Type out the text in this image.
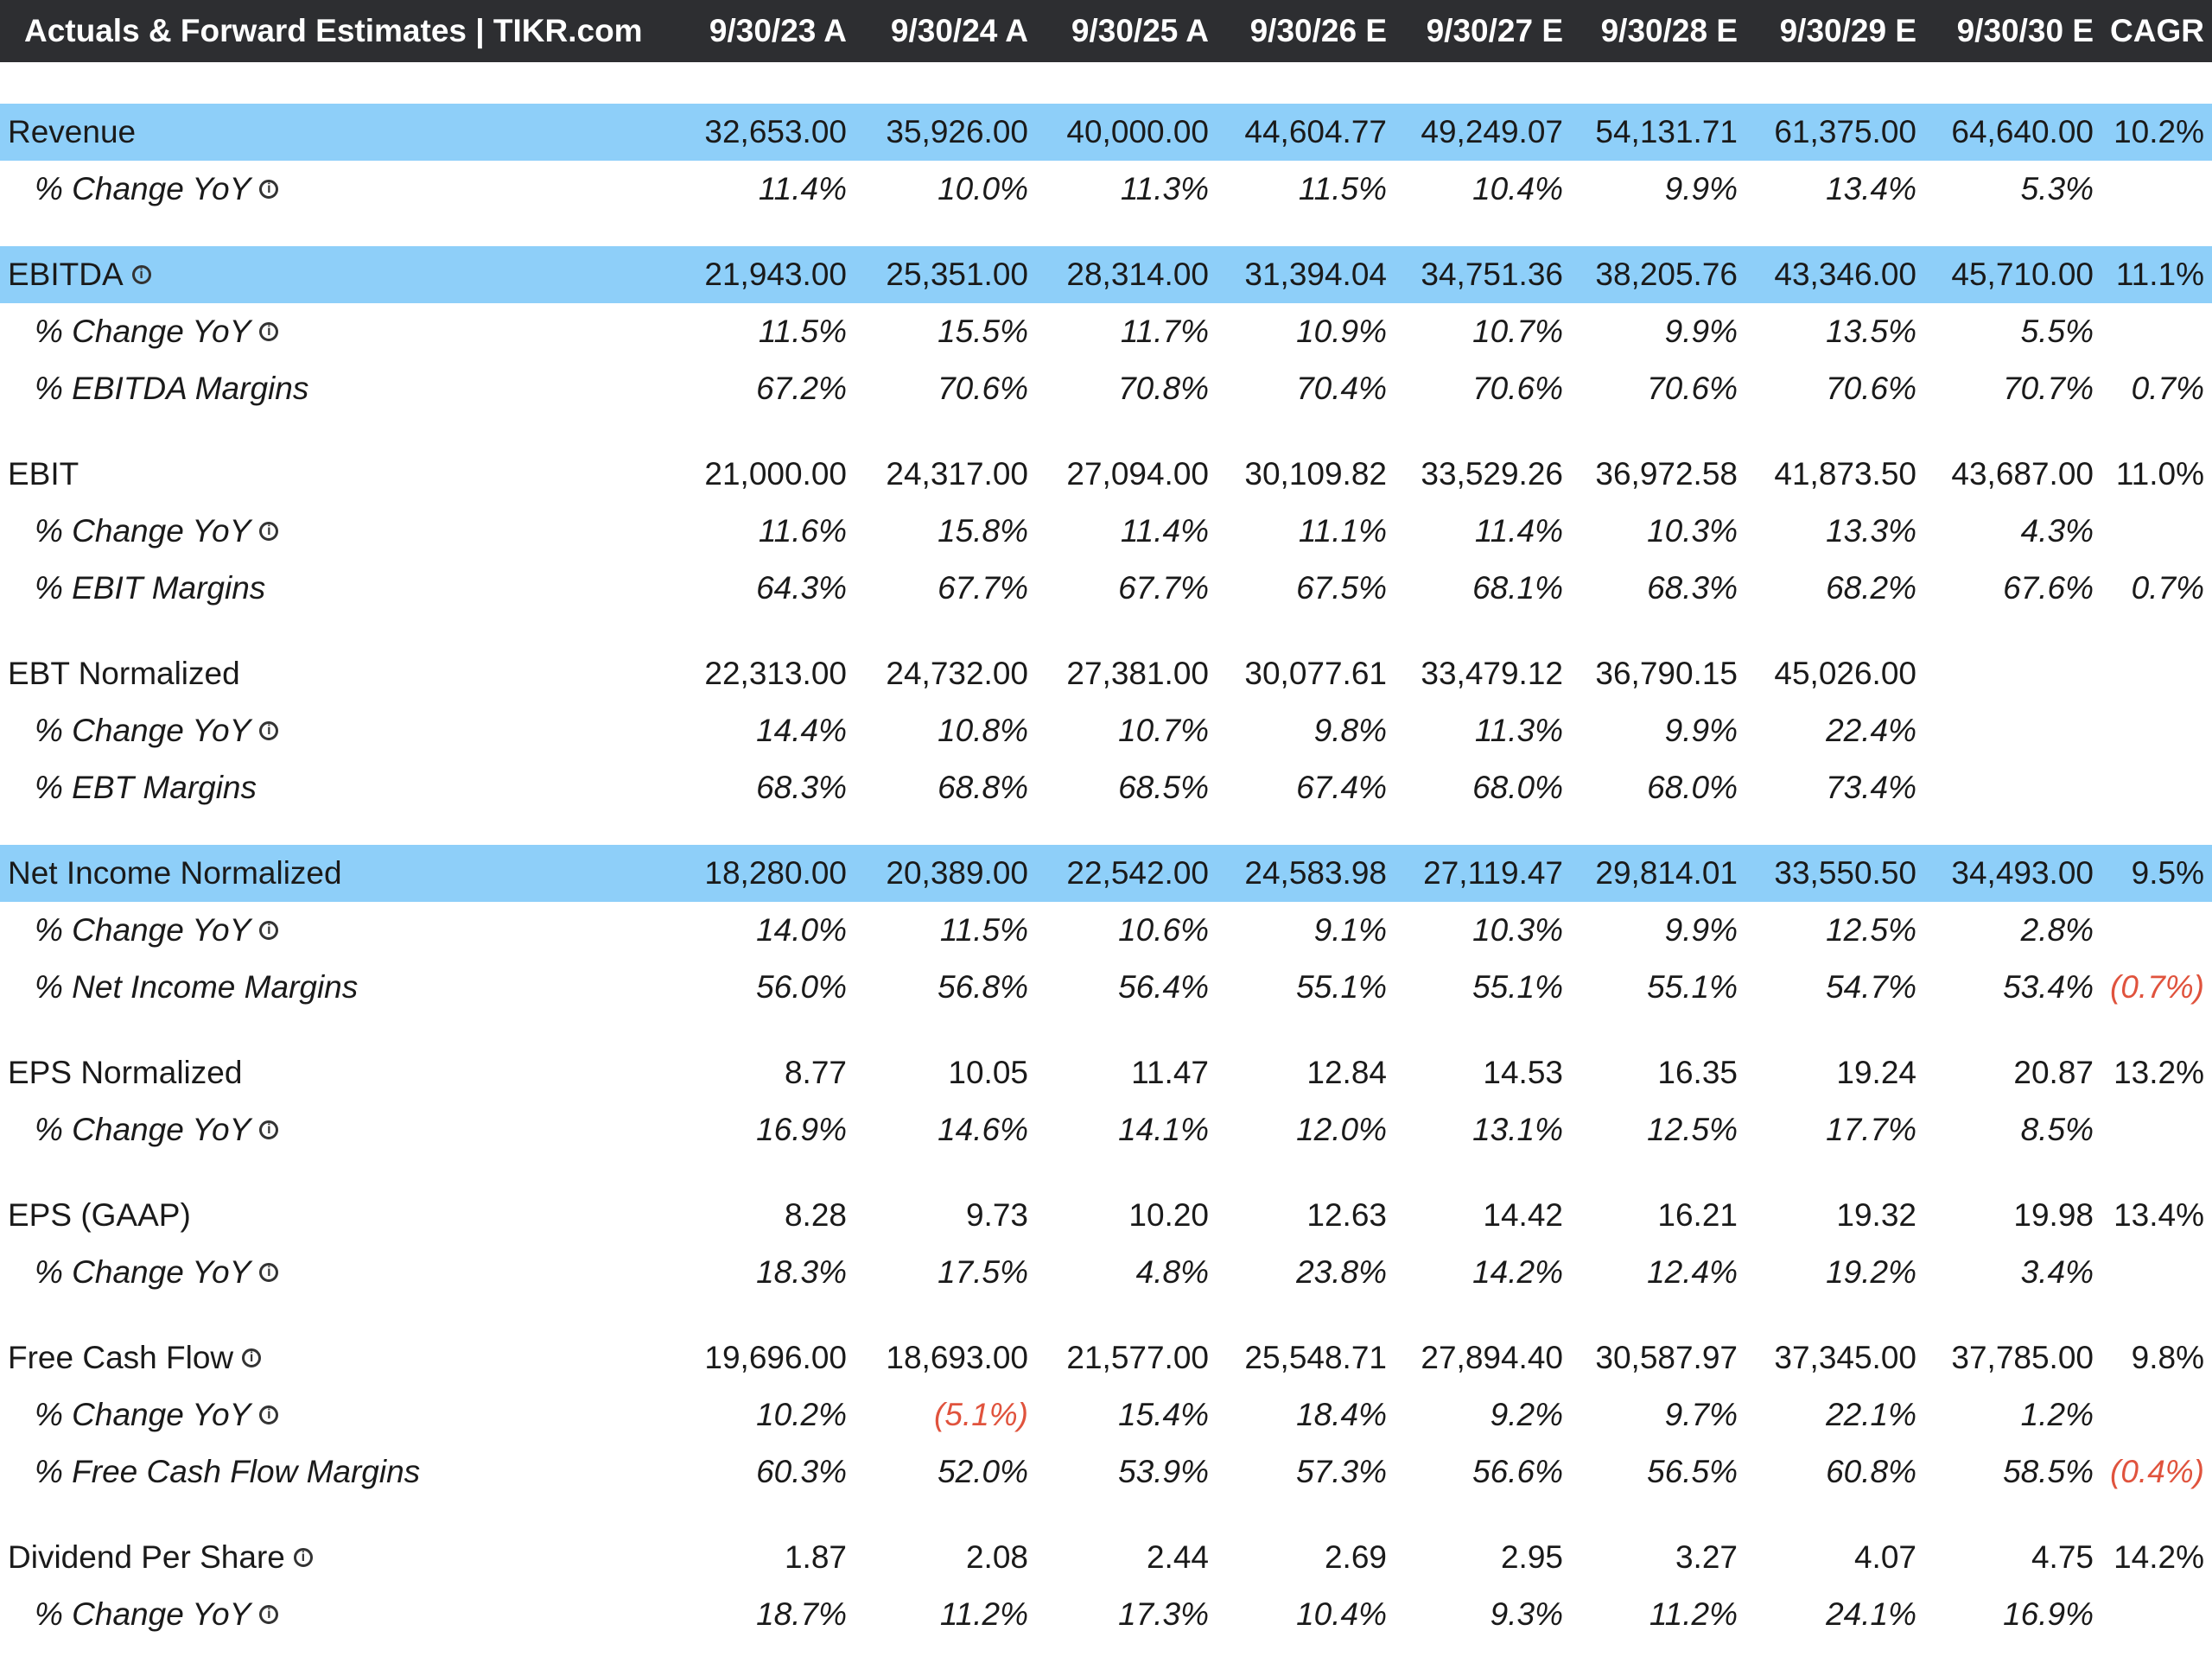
Actuals & Forward Estimates | TIKR.com 9/30/23 A 9/30/24 A 9/30/25 A 9/30/26 E 9/30/27 E 9/30/28 E 9/30/29 E 9/30/30 E CAGR
Revenue	32,653.00 35,926.00 40,000.00 44,604.77 49,249.07 54,131.71 61,375.00 64,640.00 10.2%
% Change YoY i	11.4%	10.0%	11.3%	11.5%	10.4%	9.9%	13.4%	5.3%
EBITDA i	21,943.00 25,351.00 28,314.00 31,394.04 34,751.36 38,205.76 43,346.00 45,710.00 11.1%
% Change YoY i	11.5%	15.5%	11.7%	10.9%	10.7%	9.9%	13.5%	5.5%
% EBITDA Margins	67.2%	70.6%	70.8%	70.4%	70.6%	70.6%	70.6%	70.7% 0.7%
EBIT	21,000.00 24,317.00 27,094.00 30,109.82 33,529.26 36,972.58 41,873.50 43,687.00 11.0%
% Change YoY i	11.6%	15.8%	11.4%	11.1%	11.4%	10.3%	13.3%	4.3%
% EBIT Margins	64.3%	67.7%	67.7%	67.5%	68.1%	68.3%	68.2%	67.6% 0.7%
EBT Normalized	22,313.00 24,732.00 27,381.00 30,077.61 33,479.12 36,790.15 45,026.00
% Change YoY i	14.4%	10.8%	10.7%	9.8%	11.3%	9.9%	22.4%
% EBT Margins	68.3%	68.8%	68.5%	67.4%	68.0%	68.0%	73.4%
Net Income Normalized	18,280.00 20,389.00 22,542.00 24,583.98 27,119.47 29,814.01 33,550.50 34,493.00 9.5%
% Change YoY i	14.0%	11.5%	10.6%	9.1%	10.3%	9.9%	12.5%	2.8%
% Net Income Margins	56.0%	56.8%	56.4%	55.1%	55.1%	55.1%	54.7%	53.4% (0.7%)
EPS Normalized	8.77	10.05	11.47	12.84	14.53	16.35	19.24	20.87 13.2%
% Change YoY i	16.9%	14.6%	14.1%	12.0%	13.1%	12.5%	17.7%	8.5%
EPS (GAAP)	8.28	9.73	10.20	12.63	14.42	16.21	19.32	19.98 13.4%
% Change YoY i	18.3%	17.5%	4.8%	23.8%	14.2%	12.4%	19.2%	3.4%
Free Cash Flow i	19,696.00 18,693.00 21,577.00 25,548.71 27,894.40 30,587.97 37,345.00 37,785.00 9.8%
% Change YoY i	10.2%	(5.1%)	15.4%	18.4%	9.2%	9.7%	22.1%	1.2%
% Free Cash Flow Margins	60.3%	52.0%	53.9%	57.3%	56.6%	56.5%	60.8%	58.5% (0.4%)
Dividend Per Share i	1.87	2.08	2.44	2.69	2.95	3.27	4.07	4.75 14.2%
% Change YoY i	18.7%	11.2%	17.3%	10.4%	9.3%	11.2%	24.1%	16.9%
